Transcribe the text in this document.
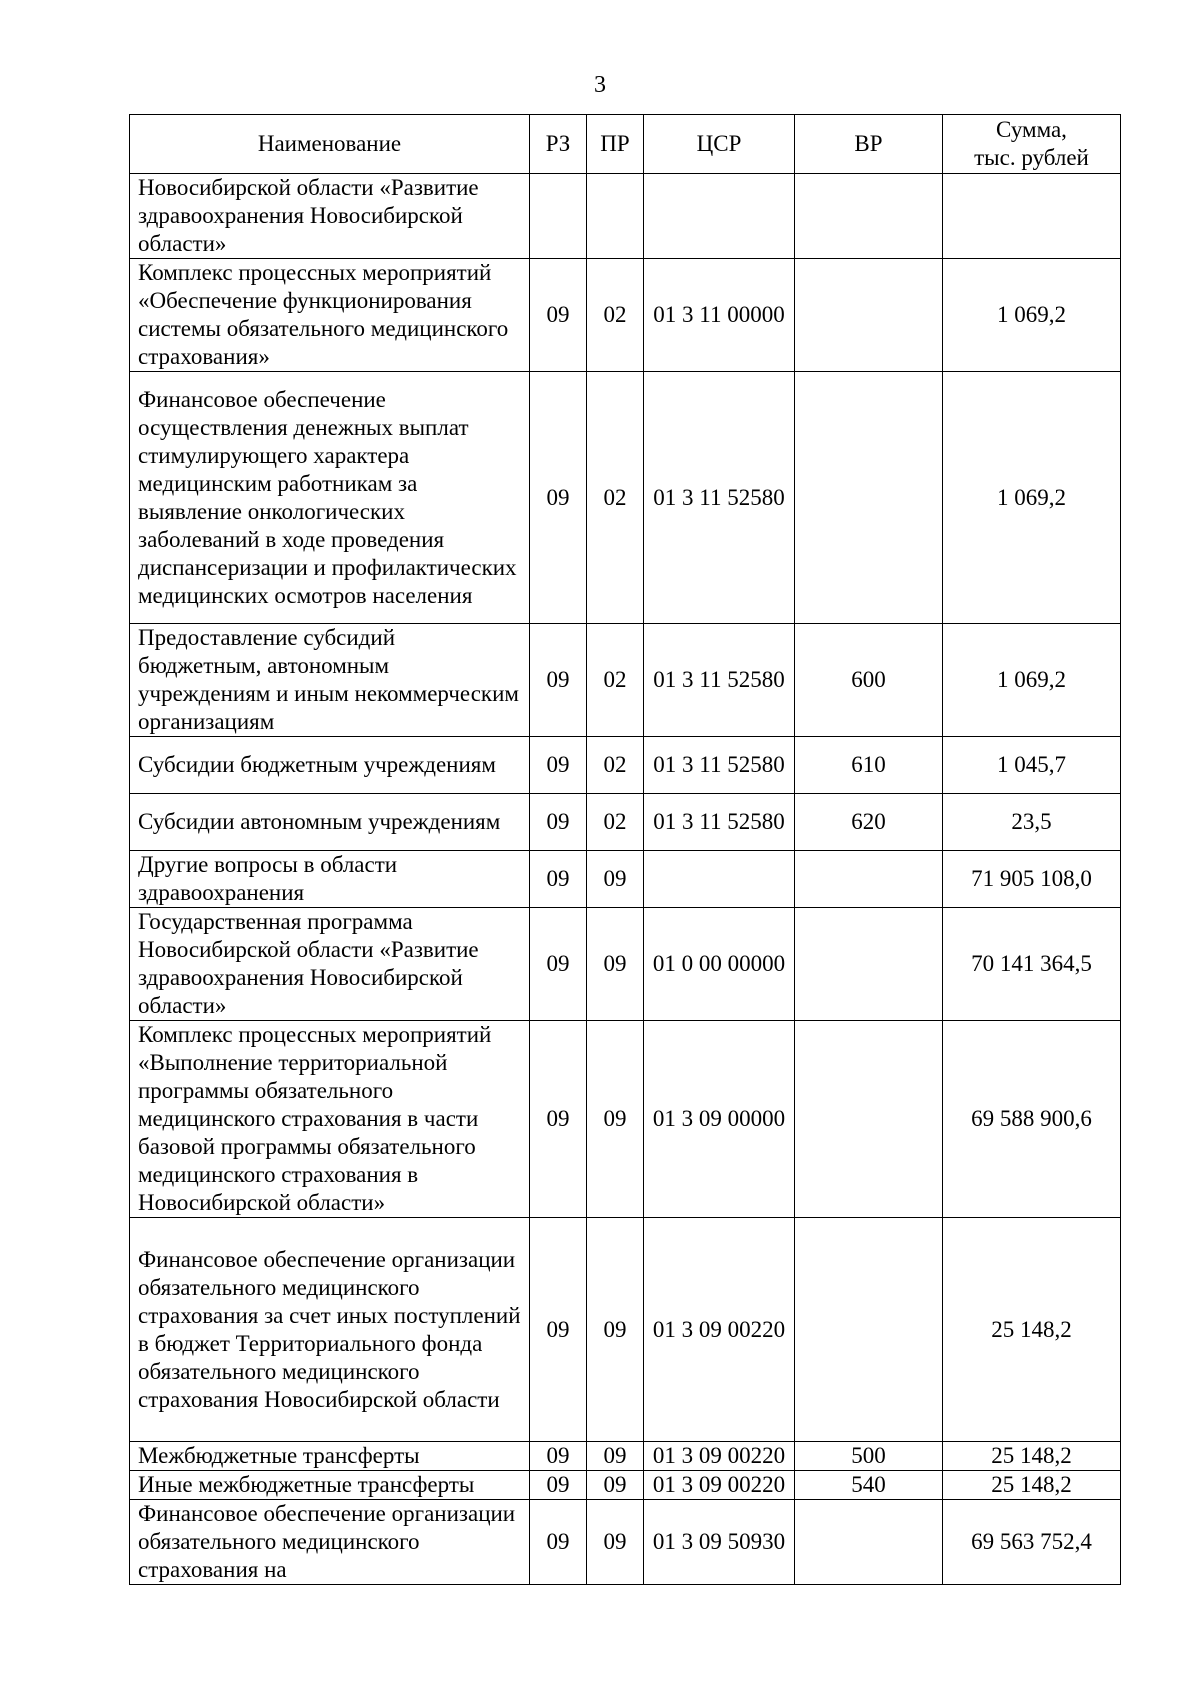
3
Наименование	РЗ	ПР	ЦСР	ВР	Сумма,
тыс. рублей

Новосибирской области «Развитие здравоохранения Новосибирской области»					
Комплекс процессных мероприятий «Обеспечение функционирования системы обязательного медицинского страхования»	09	02	01 3 11 00000		1 069,2
Финансовое обеспечение осуществления денежных выплат стимулирующего характера медицинским работникам за выявление онкологических заболеваний в ходе проведения диспансеризации и профилактических медицинских осмотров населения	09	02	01 3 11 52580		1 069,2
Предоставление субсидий бюджетным, автономным учреждениям и иным некоммерческим организациям	09	02	01 3 11 52580	600	1 069,2
Субсидии бюджетным учреждениям	09	02	01 3 11 52580	610	1 045,7
Субсидии автономным учреждениям	09	02	01 3 11 52580	620	23,5
Другие вопросы в области здравоохранения	09	09			71 905 108,0
Государственная программа Новосибирской области «Развитие здравоохранения Новосибирской области»	09	09	01 0 00 00000		70 141 364,5
Комплекс процессных мероприятий «Выполнение территориальной программы обязательного медицинского страхования в части базовой программы обязательного медицинского страхования в Новосибирской области»	09	09	01 3 09 00000		69 588 900,6
Финансовое обеспечение организации обязательного медицинского страхования за счет иных поступлений в бюджет Территориального фонда обязательного медицинского страхования Новосибирской области	09	09	01 3 09 00220		25 148,2
Межбюджетные трансферты	09	09	01 3 09 00220	500	25 148,2
Иные межбюджетные трансферты	09	09	01 3 09 00220	540	25 148,2
Финансовое обеспечение организации обязательного медицинского страхования на	09	09	01 3 09 50930		69 563 752,4
